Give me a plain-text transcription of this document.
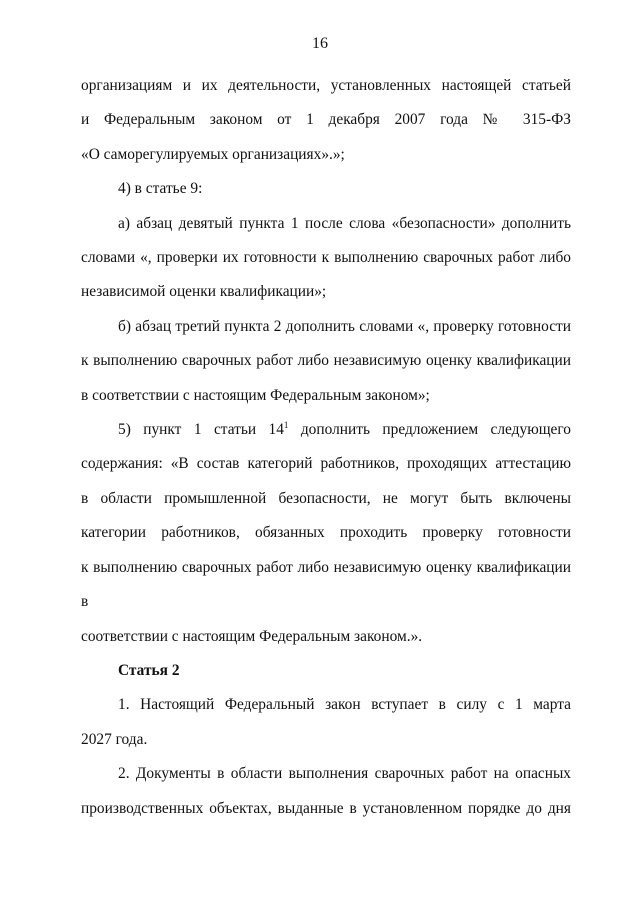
16
организациям и их деятельности, установленных настоящей статьей
и Федеральным законом от 1 декабря 2007 года № 315-ФЗ
«О саморегулируемых организациях».»;
4) в статье 9:
а) абзац девятый пункта 1 после слова «безопасности» дополнить
словами «, проверки их готовности к выполнению сварочных работ либо
независимой оценки квалификации»;
б) абзац третий пункта 2 дополнить словами «, проверку готовности
к выполнению сварочных работ либо независимую оценку квалификации
в соответствии с настоящим Федеральным законом»;
5) пункт 1 статьи $14^1$ дополнить предложением следующего
содержания: «В состав категорий работников, проходящих аттестацию
в области промышленной безопасности, не могут быть включены
категории работников, обязанных проходить проверку готовности
к выполнению сварочных работ либо независимую оценку квалификации в
соответствии с настоящим Федеральным законом.».
Статья 2
1. Настоящий Федеральный закон вступает в силу с 1 марта
2027 года.
2. Документы в области выполнения сварочных работ на опасных
производственных объектах, выданные в установленном порядке до дня
